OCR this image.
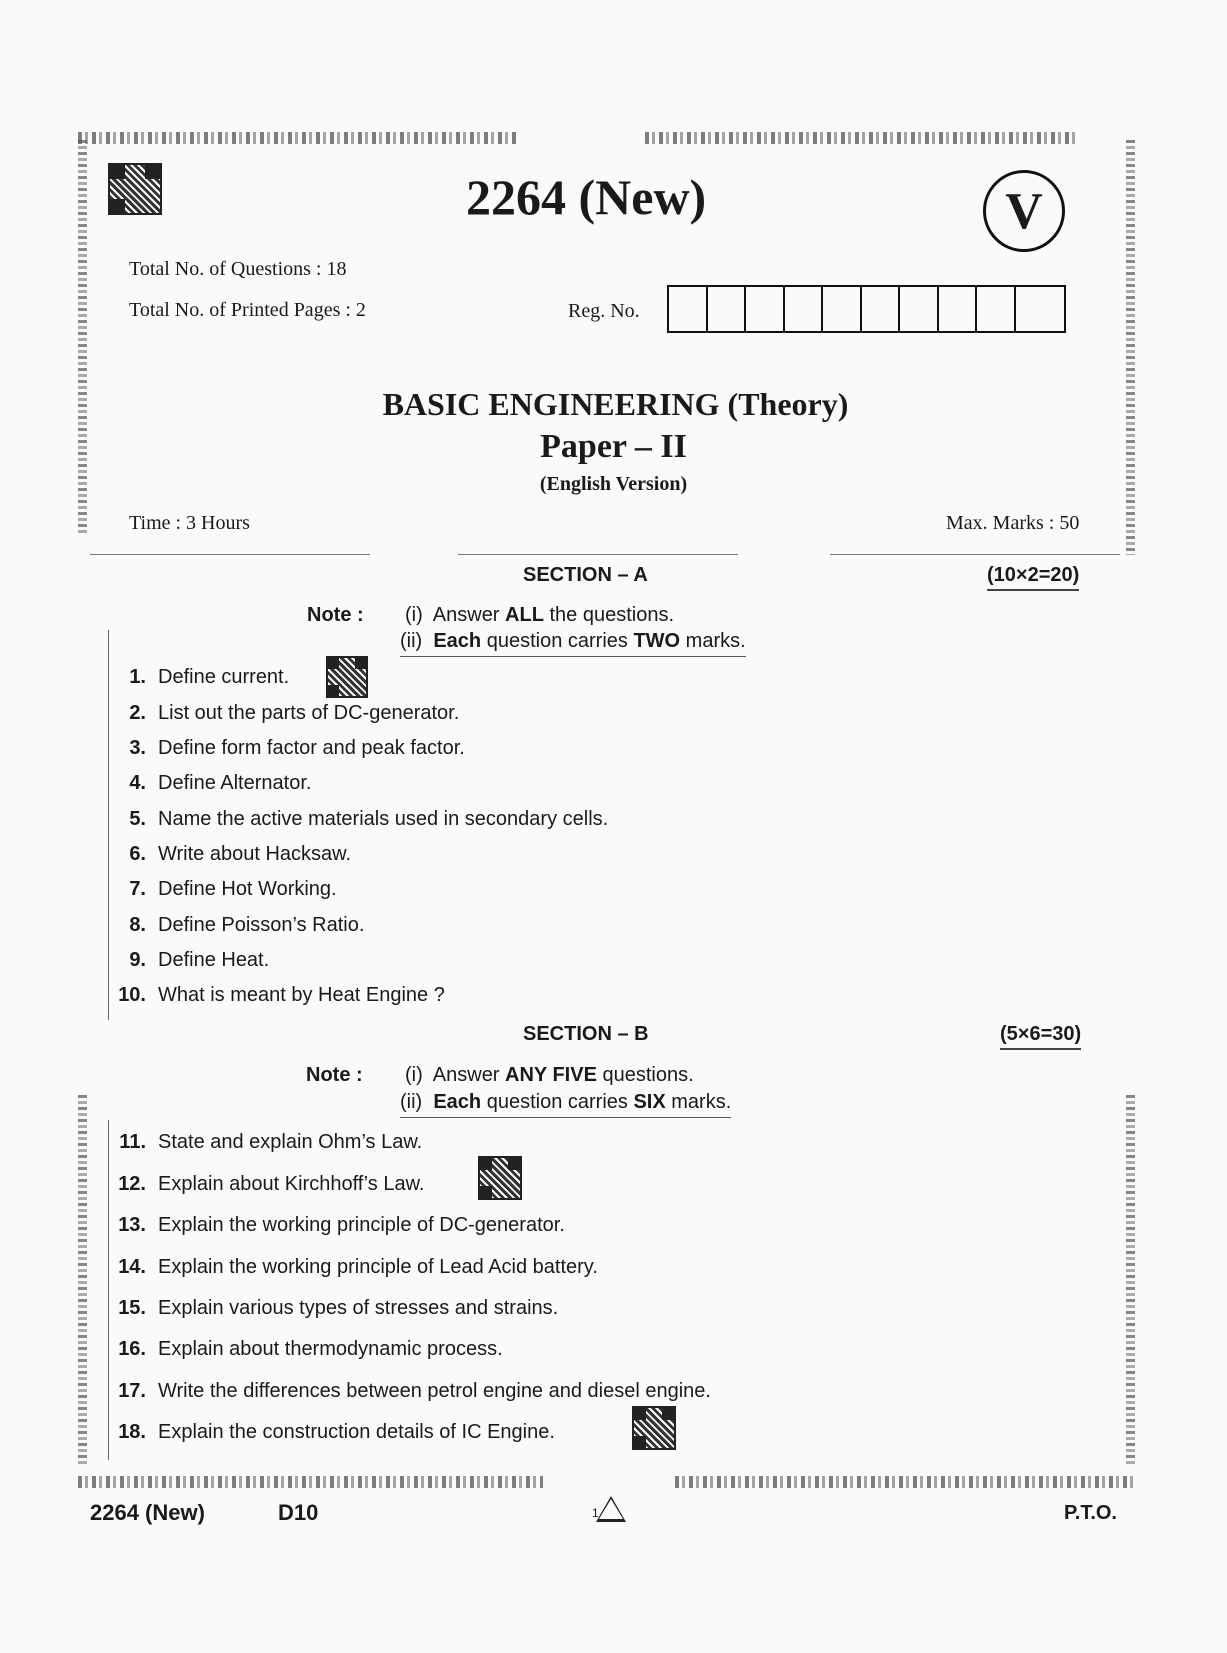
2264 (New)	V
Total No. of Questions : 18
Total No. of Printed Pages : 2	Reg. No.
BASIC ENGINEERING (Theory)
Paper – II
(English Version)
Time : 3 Hours	Max. Marks : 50
SECTION – A	(10×2=20)
Note : (i) Answer ALL the questions.
(ii) Each question carries TWO marks.
1. Define current.
2. List out the parts of DC-generator.
3. Define form factor and peak factor.
4. Define Alternator.
5. Name the active materials used in secondary cells.
6. Write about Hacksaw.
7. Define Hot Working.
8. Define Poisson’s Ratio.
9. Define Heat.
10. What is meant by Heat Engine ?
SECTION – B	(5×6=30)
Note : (i) Answer ANY FIVE questions.
(ii) Each question carries SIX marks.
11. State and explain Ohm’s Law.
12. Explain about Kirchhoff’s Law.
13. Explain the working principle of DC-generator.
14. Explain the working principle of Lead Acid battery.
15. Explain various types of stresses and strains.
16. Explain about thermodynamic process.
17. Write the differences between petrol engine and diesel engine.
18. Explain the construction details of IC Engine.
2264 (New)	D10	1	P.T.O.
